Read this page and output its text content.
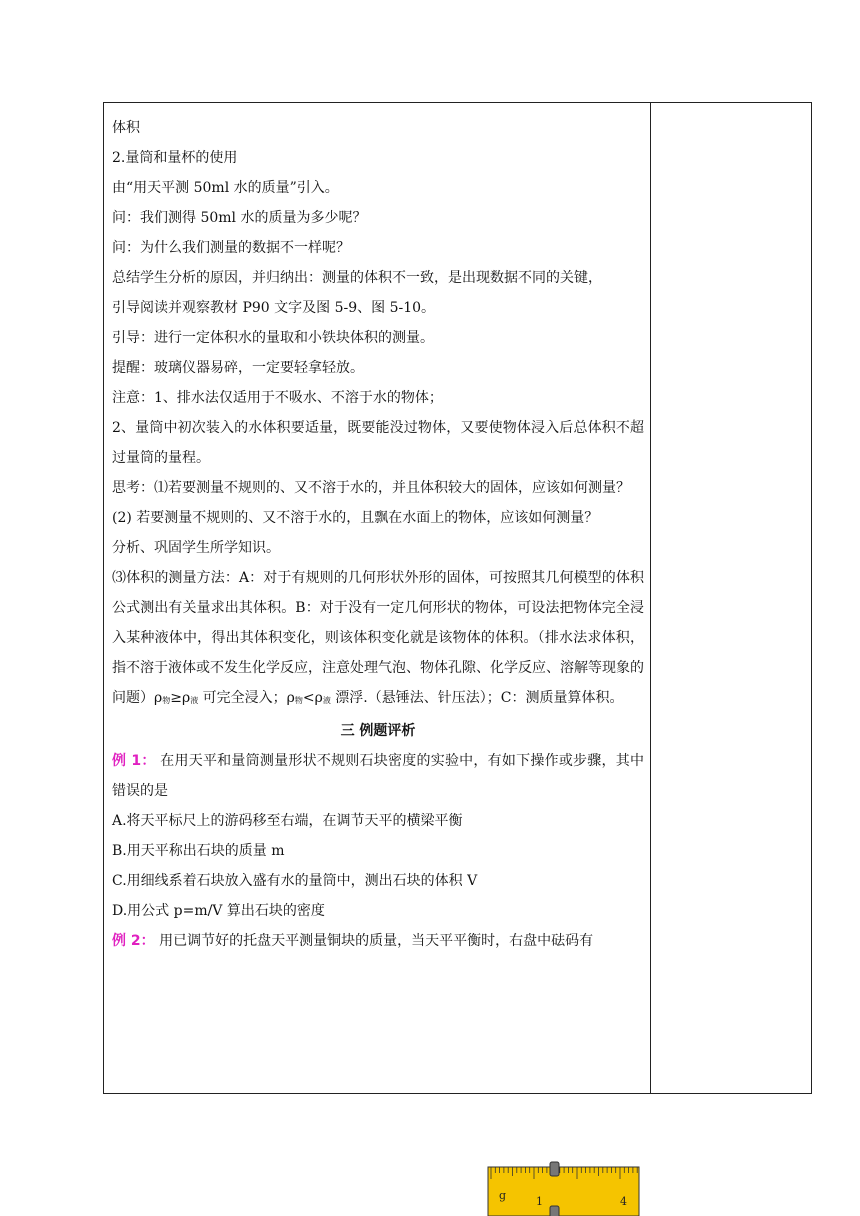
体积

2.量筒和量杯的使用

由“用天平测 50ml 水的质量”引入。

问：我们测得 50ml 水的质量为多少呢？

问：为什么我们测量的数据不一样呢？

总结学生分析的原因，并归纳出：测量的体积不一致，是出现数据不同的关键，

引导阅读并观察教材 P90 文字及图 5-9、图 5-10。

引导：进行一定体积水的量取和小铁块体积的测量。

提醒：玻璃仪器易碎，一定要轻拿轻放。

注意：1、排水法仅适用于不吸水、不溶于水的物体；

2、量筒中初次装入的水体积要适量，既要能没过物体，又要使物体浸入后总体积不超过量筒的量程。

思考：⑴若要测量不规则的、又不溶于水的，并且体积较大的固体，应该如何测量？

(2) 若要测量不规则的、又不溶于水的，且飘在水面上的物体，应该如何测量？

分析、巩固学生所学知识。

⑶体积的测量方法：A：对于有规则的几何形状外形的固体，可按照其几何模型的体积公式测出有关量求出其体积。B：对于没有一定几何形状的物体，可设法把物体完全浸入某种液体中，得出其体积变化，则该体积变化就是该物体的体积。（排水法求体积，指不溶于液体或不发生化学反应，注意处理气泡、物体孔隙、化学反应、溶解等现象的问题）$\rho_物\ge\rho_液$ 可完全浸入；$\rho_物<\rho_液$ 漂浮.（悬锤法、针压法）；C：测质量算体积。

三 例题评析

例 1： 在用天平和量筒测量形状不规则石块密度的实验中，有如下操作或步骤，其中错误的是

A.将天平标尺上的游码移至右端，在调节天平的横梁平衡

B.用天平称出石块的质量 m

C.用细线系着石块放入盛有水的量筒中，测出石块的体积 V

D.用公式 p=m/V 算出石块的密度

例 2： 用已调节好的托盘天平测量铜块的质量，当天平平衡时，右盘中砝码有

g	1	4
